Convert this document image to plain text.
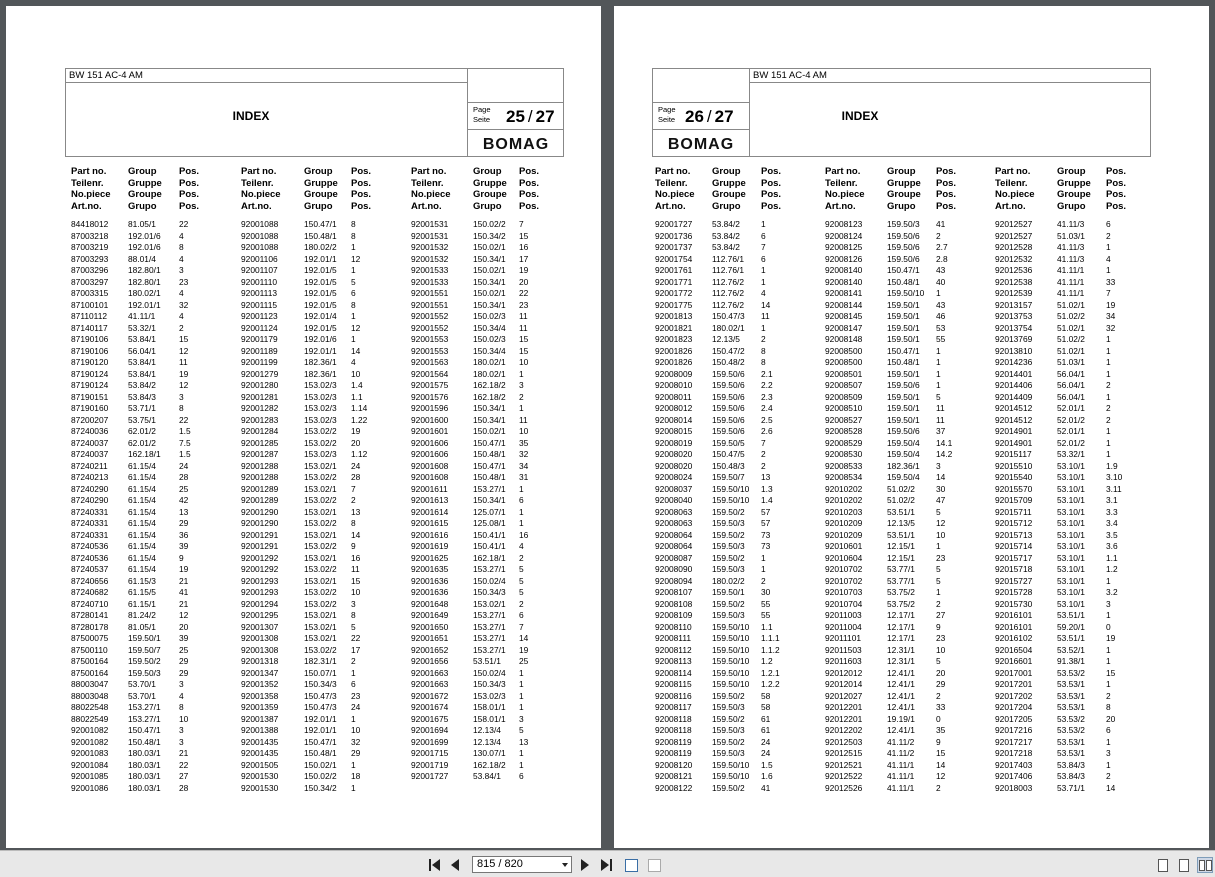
BW 151 AC-4 AM
INDEX	Page
Seite 25 / 27
BOMAG
Part no.
Teilenr.
No.piece
Art.no.
Group
Gruppe
Groupe
Grupo
Pos.
Pos.
Pos.
Pos.
Part no.
Teilenr.
No.piece
Art.no.
Group
Gruppe
Groupe
Grupo
Pos.
Pos.
Pos.
Pos.
Part no.
Teilenr.
No.piece
Art.no.
Group
Gruppe
Groupe
Grupo
Pos.
Pos.
Pos.
Pos.
84418012
87003218
87003219
87003293
87003296
87003297
87003315
87100101
87110112
87140117
87190106
87190106
87190120
87190124
87190124
87190151
87190160
87200207
87240036
87240037
87240037
87240211
87240213
87240290
87240290
87240331
87240331
87240331
87240536
87240536
87240537
87240656
87240682
87240710
87280141
87280178
87500075
87500110
87500164
87500164
88003047
88003048
88022548
88022549
92001082
92001082
92001083
92001084
92001085
92001086
81.05/1
192.01/6
192.01/6
88.01/4
182.80/1
182.80/1
180.02/1
192.01/1
41.11/1
53.32/1
53.84/1
56.04/1
53.84/1
53.84/1
53.84/2
53.84/3
53.71/1
53.75/1
62.01/2
62.01/2
162.18/1
61.15/4
61.15/4
61.15/4
61.15/4
61.15/4
61.15/4
61.15/4
61.15/4
61.15/4
61.15/4
61.15/3
61.15/5
61.15/1
81.24/2
81.05/1
159.50/1
159.50/7
159.50/2
159.50/3
53.70/1
53.70/1
153.27/1
153.27/1
150.47/1
150.48/1
180.03/1
180.03/1
180.03/1
180.03/1
22
4
8
4
3
23
4
32
4
2
15
12
11
19
12
3
8
22
1.5
7.5
1.5
24
28
25
42
13
29
36
39
9
19
21
41
21
12
20
39
25
29
29
3
4
8
10
3
3
21
22
27
28
92001088
92001088
92001088
92001106
92001107
92001110
92001113
92001115
92001123
92001124
92001179
92001189
92001199
92001279
92001280
92001281
92001282
92001283
92001284
92001285
92001287
92001288
92001288
92001289
92001289
92001290
92001290
92001291
92001291
92001292
92001292
92001293
92001293
92001294
92001295
92001307
92001308
92001308
92001318
92001347
92001352
92001358
92001359
92001387
92001388
92001435
92001435
92001505
92001530
92001530
150.47/1
150.48/1
180.02/2
192.01/1
192.01/5
192.01/5
192.01/5
192.01/5
192.01/4
192.01/5
192.01/6
192.01/1
182.36/1
182.36/1
153.02/3
153.02/3
153.02/3
153.02/3
153.02/2
153.02/2
153.02/3
153.02/1
153.02/2
153.02/1
153.02/2
153.02/1
153.02/2
153.02/1
153.02/2
153.02/1
153.02/2
153.02/1
153.02/2
153.02/2
153.02/1
153.02/1
153.02/1
153.02/2
182.31/1
150.07/1
150.34/3
150.47/3
150.47/3
192.01/1
192.01/1
150.47/1
150.48/1
150.02/1
150.02/2
150.34/2
8
8
1
12
1
5
6
8
1
12
1
14
4
10
1.4
1.1
1.14
1.22
19
20
1.12
24
28
7
2
13
8
14
9
16
11
15
10
3
8
5
22
17
2
1
6
23
24
1
10
32
29
1
18
1
92001531
92001531
92001532
92001532
92001533
92001533
92001551
92001551
92001552
92001552
92001553
92001553
92001563
92001564
92001575
92001576
92001596
92001600
92001601
92001606
92001606
92001608
92001608
92001611
92001613
92001614
92001615
92001616
92001619
92001625
92001635
92001636
92001636
92001648
92001649
92001650
92001651
92001652
92001656
92001663
92001663
92001672
92001674
92001675
92001694
92001699
92001715
92001719
92001727
150.02/2
150.34/2
150.02/1
150.34/1
150.02/1
150.34/1
150.02/1
150.34/1
150.02/3
150.34/4
150.02/3
150.34/4
180.02/1
180.02/1
162.18/2
162.18/2
150.34/1
150.34/1
150.02/1
150.47/1
150.48/1
150.47/1
150.48/1
153.27/1
150.34/1
125.07/1
125.08/1
150.41/1
150.41/1
162.18/1
153.27/1
150.02/4
150.34/3
153.02/1
153.27/1
153.27/1
153.27/1
153.27/1
53.51/1
150.02/4
150.34/3
153.02/3
158.01/1
158.01/1
12.13/4
12.13/4
130.07/1
162.18/2
53.84/1
7
15
16
17
19
20
22
23
11
11
15
15
10
1
3
2
1
11
10
35
32
34
31
1
6
1
1
16
4
2
5
5
5
2
6
7
14
19
25
1
1
1
1
3
5
13
1
1
6
Page
Seite 26 / 27
BOMAG
BW 151 AC-4 AM
INDEX
Part no.
Teilenr.
No.piece
Art.no.
Group
Gruppe
Groupe
Grupo
Pos.
Pos.
Pos.
Pos.
Part no.
Teilenr.
No.piece
Art.no.
Group
Gruppe
Groupe
Grupo
Pos.
Pos.
Pos.
Pos.
Part no.
Teilenr.
No.piece
Art.no.
Group
Gruppe
Groupe
Grupo
Pos.
Pos.
Pos.
Pos.
92001727
92001736
92001737
92001754
92001761
92001771
92001772
92001775
92001813
92001821
92001823
92001826
92001826
92008009
92008010
92008011
92008012
92008014
92008015
92008019
92008020
92008020
92008024
92008037
92008040
92008063
92008063
92008064
92008064
92008087
92008090
92008094
92008107
92008108
92008109
92008110
92008111
92008112
92008113
92008114
92008115
92008116
92008117
92008118
92008118
92008119
92008119
92008120
92008121
92008122
53.84/2
53.84/2
53.84/2
112.76/1
112.76/1
112.76/2
112.76/2
112.76/2
150.47/3
180.02/1
12.13/5
150.47/2
150.48/2
159.50/6
159.50/6
159.50/6
159.50/6
159.50/6
159.50/6
159.50/5
150.47/5
150.48/3
159.50/7
159.50/10
159.50/10
159.50/2
159.50/3
159.50/2
159.50/3
159.50/2
159.50/3
180.02/2
159.50/1
159.50/2
159.50/3
159.50/10
159.50/10
159.50/10
159.50/10
159.50/10
159.50/10
159.50/2
159.50/3
159.50/2
159.50/3
159.50/2
159.50/3
159.50/10
159.50/10
159.50/2
1
6
7
6
1
1
4
14
11
1
2
8
8
2.1
2.2
2.3
2.4
2.5
2.6
7
2
2
13
1.3
1.4
57
57
73
73
1
1
2
30
55
55
1.1
1.1.1
1.1.2
1.2
1.2.1
1.2.2
58
58
61
61
24
24
1.5
1.6
41
92008123
92008124
92008125
92008126
92008140
92008140
92008141
92008144
92008145
92008147
92008148
92008500
92008500
92008501
92008507
92008509
92008510
92008527
92008528
92008529
92008530
92008533
92008534
92010202
92010202
92010203
92010209
92010209
92010601
92010604
92010702
92010702
92010703
92010704
92011003
92011004
92011101
92011503
92011603
92012012
92012014
92012027
92012201
92012201
92012202
92012503
92012515
92012521
92012522
92012526
159.50/3
159.50/6
159.50/6
159.50/6
150.47/1
150.48/1
159.50/10
159.50/1
159.50/1
159.50/1
159.50/1
150.47/1
150.48/1
159.50/1
159.50/6
159.50/1
159.50/1
159.50/1
159.50/6
159.50/4
159.50/4
182.36/1
159.50/4
51.02/2
51.02/2
53.51/1
12.13/5
53.51/1
12.15/1
12.15/1
53.77/1
53.77/1
53.75/2
53.75/2
12.17/1
12.17/1
12.17/1
12.31/1
12.31/1
12.41/1
12.41/1
12.41/1
12.41/1
19.19/1
12.41/1
41.11/2
41.11/2
41.11/1
41.11/1
41.11/1
41
2
2.7
2.8
43
40
1
43
46
53
55
1
1
1
1
5
11
11
37
14.1
14.2
3
14
30
47
5
12
10
1
23
5
5
1
2
27
9
23
10
5
20
29
2
33
0
35
9
15
14
12
2
92012527
92012527
92012528
92012532
92012536
92012538
92012539
92013157
92013753
92013754
92013769
92013810
92014236
92014401
92014406
92014409
92014512
92014512
92014901
92014901
92015117
92015510
92015540
92015570
92015709
92015711
92015712
92015713
92015714
92015717
92015718
92015727
92015728
92015730
92016101
92016101
92016102
92016504
92016601
92017001
92017201
92017202
92017204
92017205
92017216
92017217
92017218
92017403
92017406
92018003
41.11/3
51.03/1
41.11/3
41.11/3
41.11/1
41.11/1
41.11/1
51.02/1
51.02/2
51.02/1
51.02/2
51.02/1
51.03/1
56.04/1
56.04/1
56.04/1
52.01/1
52.01/2
52.01/1
52.01/2
53.32/1
53.10/1
53.10/1
53.10/1
53.10/1
53.10/1
53.10/1
53.10/1
53.10/1
53.10/1
53.10/1
53.10/1
53.10/1
53.10/1
53.51/1
59.20/1
53.51/1
53.52/1
91.38/1
53.53/2
53.53/1
53.53/1
53.53/1
53.53/2
53.53/2
53.53/1
53.53/1
53.84/3
53.84/3
53.71/1
6
2
1
4
1
33
7
19
34
32
1
1
1
1
2
1
2
2
1
1
1
1.9
3.10
3.11
3.1
3.3
3.4
3.5
3.6
1.1
1.2
1
3.2
3
1
0
19
1
1
15
1
2
8
20
6
1
3
1
2
14
815 / 820
